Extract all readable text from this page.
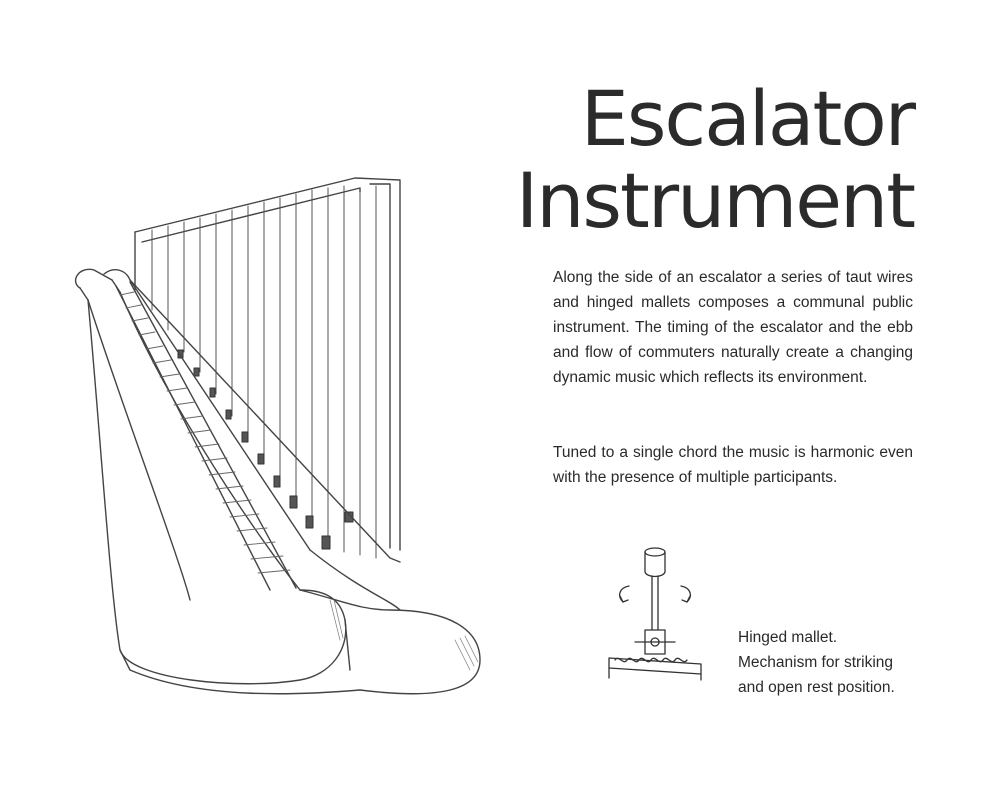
Escalator
Instrument

Along the side of an escalator a series of taut wires and hinged mallets composes a communal public instrument. The timing of the escalator and the ebb and flow of commuters naturally create a changing dynamic music which reflects its environment.

Tuned to a single chord the music is harmonic even with the presence of multiple participants.

Hinged mallet.
Mechanism for striking
and open rest position.
